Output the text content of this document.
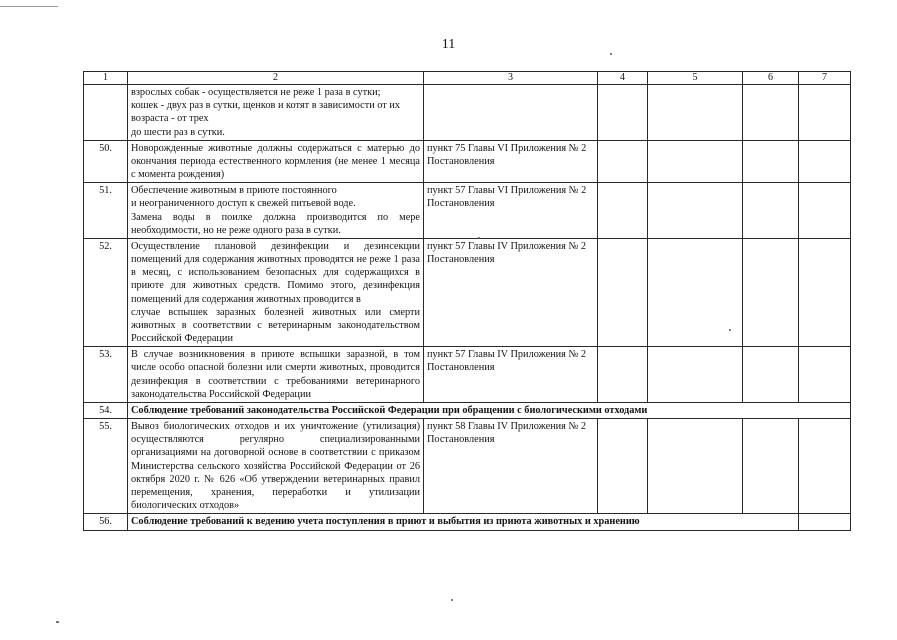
11
1	2	3	4	5	6	7
	взрослых собак - осуществляется не реже 1 раза в сутки;
кошек - двух раз в сутки, щенков и котят в зависимости от их возраста - от трех
до шести раз в сутки.					
50.	Новорожденные животные должны содержаться с матерью до окончания периода естественного кормления (не менее 1 месяца с момента рождения)	пункт 75 Главы VI Приложения № 2 Постановления				
51.	Обеспечение животным в приюте постоянного
и неограниченного доступ к свежей питьевой воде.
Замена воды в поилке должна производится по мере необходимости, но не реже одного раза в сутки.	пункт 57 Главы VI Приложения № 2 Постановления				
52.	Осуществление плановой дезинфекции и дезинсекции помещений для содержания животных проводятся не реже 1 раза в месяц, с использованием безопасных для содержащихся в приюте для животных средств. Помимо этого, дезинфекция помещений для содержания животных проводится в
случае вспышек заразных болезней животных или смерти животных в соответствии с ветеринарным законодательством Российской Федерации	пункт 57 Главы IV Приложения № 2 Постановления				
53.	В случае возникновения в приюте вспышки заразной, в том числе особо опасной болезни или смерти животных, проводится дезинфекция в соответствии с требованиями ветеринарного законодательства Российской Федерации	пункт 57 Главы IV Приложения № 2 Постановления				
54.	Соблюдение требований законодательства Российской Федерации при обращении с биологическими отходами					
55.	Вывоз биологических отходов и их уничтожение (утилизация) осуществляются регулярно специализированными организациями на договорной основе в соответствии с приказом Министерства сельского хозяйства Российской Федерации от 26 октября 2020 г. № 626 «Об утверждении ветеринарных правил перемещения, хранения, переработки и утилизации биологических отходов»	пункт 58 Главы IV Приложения № 2 Постановления				
56.	Соблюдение требований к ведению учета поступления в приют и выбытия из приюта животных и хранению					
